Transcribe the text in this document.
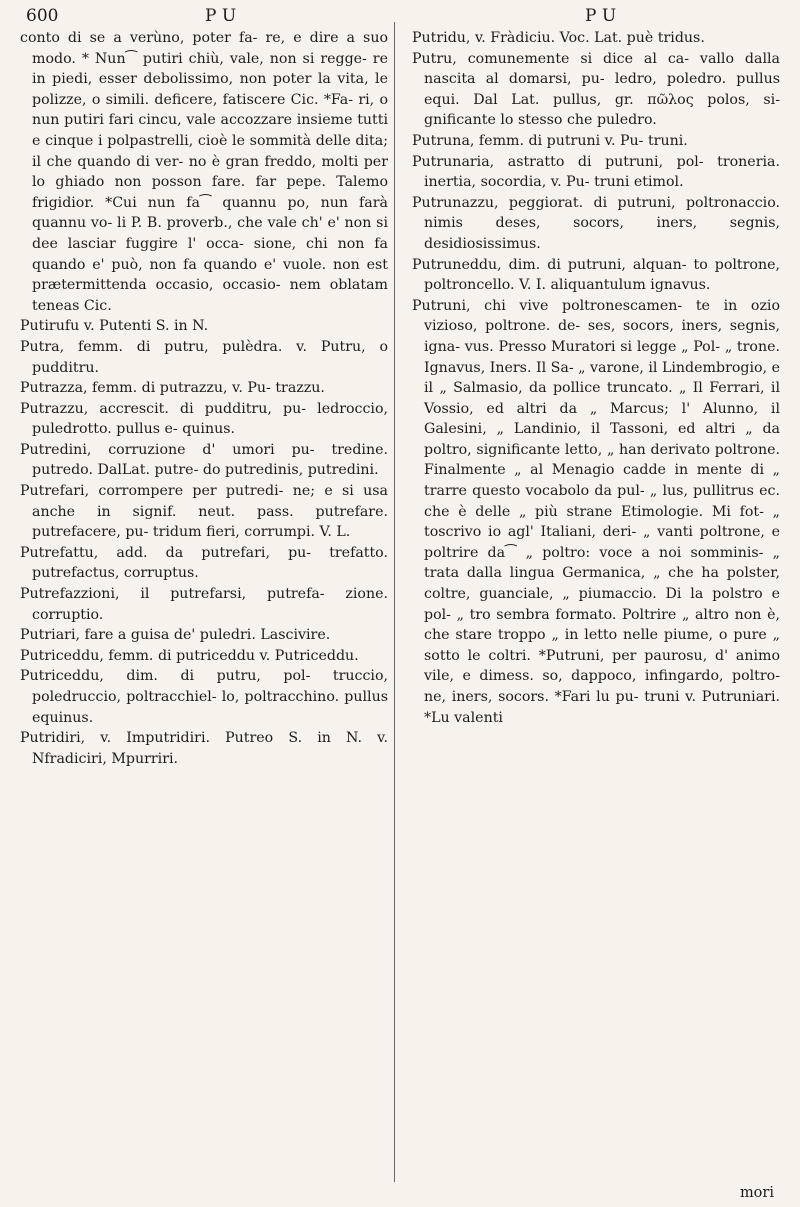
600	P U	P U

conto di se a verùno, poter fa- re, e dire a suo modo. * Nun⁀ putiri chiù, vale, non si regge- re in piedi, esser debolissimo, non poter la vita, le polizze, o simili. deficere, fatiscere Cic. *Fa- ri, o nun putiri fari cincu, vale accozzare insieme tutti e cinque i polpastrelli, cioè le sommità delle dita; il che quando di ver- no è gran freddo, molti per lo ghiado non posson fare. far pepe. Talemo frigidior. *Cui nun fa⁀ quannu po, nun farà quannu vo- li P. B. proverb., che vale ch' e' non si dee lasciar fuggire l' occa- sione, chi non fa quando e' può, non fa quando e' vuole. non est prætermittenda occasio, occasio- nem oblatam teneas Cic.

Putirufu v. Putenti S. in N.

Putra, femm. di putru, pulèdra. v. Putru, o pudditru.

Putrazza, femm. di putrazzu, v. Pu- trazzu.

Putrazzu, accrescit. di pudditru, pu- ledroccio, puledrotto. pullus e- quinus.

Putredini, corruzione d' umori pu- tredine. putredo. DalLat. putre- do putredinis, putredini.

Putrefari, corrompere per putredi- ne; e si usa anche in signif. neut. pass. putrefare. putrefacere, pu- tridum fieri, corrumpi. V. L.

Putrefattu, add. da putrefari, pu- trefatto. putrefactus, corruptus.

Putrefazzioni, il putrefarsi, putrefa- zione. corruptio.

Putriari, fare a guisa de' puledri. Lascivire.

Putriceddu, femm. di putriceddu v. Putriceddu.

Putriceddu, dim. di putru, pol- truccio, poledruccio, poltracchiel- lo, poltracchino. pullus equinus.

Putridiri, v. Imputridiri. Putreo S. in N. v. Nfradiciri, Mpurriri.

Putridu, v. Fràdiciu. Voc. Lat. puè tridus.

Putru, comunemente si dice al ca- vallo dalla nascita al domarsi, pu- ledro, poledro. pullus equi. Dal Lat. pullus, gr. πῶλος polos, si- gnificante lo stesso che puledro.

Putruna, femm. di putruni v. Pu- truni.

Putrunaria, astratto di putruni, pol- troneria. inertia, socordia, v. Pu- truni etimol.

Putrunazzu, peggiorat. di putruni, poltronaccio. nimis deses, socors, iners, segnis, desidiosissimus.

Putruneddu, dim. di putruni, alquan- to poltrone, poltroncello. V. I. aliquantulum ignavus.

Putruni, chi vive poltronescamen- te in ozio vizioso, poltrone. de- ses, socors, iners, segnis, igna- vus. Presso Muratori si legge „ Pol- „ trone. Ignavus, Iners. Il Sa- „ varone, il Lindembrogio, e il „ Salmasio, da pollice truncato. „ Il Ferrari, il Vossio, ed altri da „ Marcus; l' Alunno, il Galesini, „ Landinio, il Tassoni, ed altri „ da poltro, significante letto, „ han derivato poltrone. Finalmente „ al Menagio cadde in mente di „ trarre questo vocabolo da pul- „ lus, pullitrus ec. che è delle „ più strane Etimologie. Mi fot- „ toscrivo io agl' Italiani, deri- „ vanti poltrone, e poltrire da⁀ „ poltro: voce a noi somminis- „ trata dalla lingua Germanica, „ che ha polster, coltre, guanciale, „ piumaccio. Di la polstro e pol- „ tro sembra formato. Poltrire „ altro non è, che stare troppo „ in letto nelle piume, o pure „ sotto le coltri. *Putruni, per paurosu, d' animo vile, e dimess. so, dappoco, infingardo, poltro- ne, iners, socors. *Fari lu pu- truni v. Putruniari. *Lu valenti

mori
